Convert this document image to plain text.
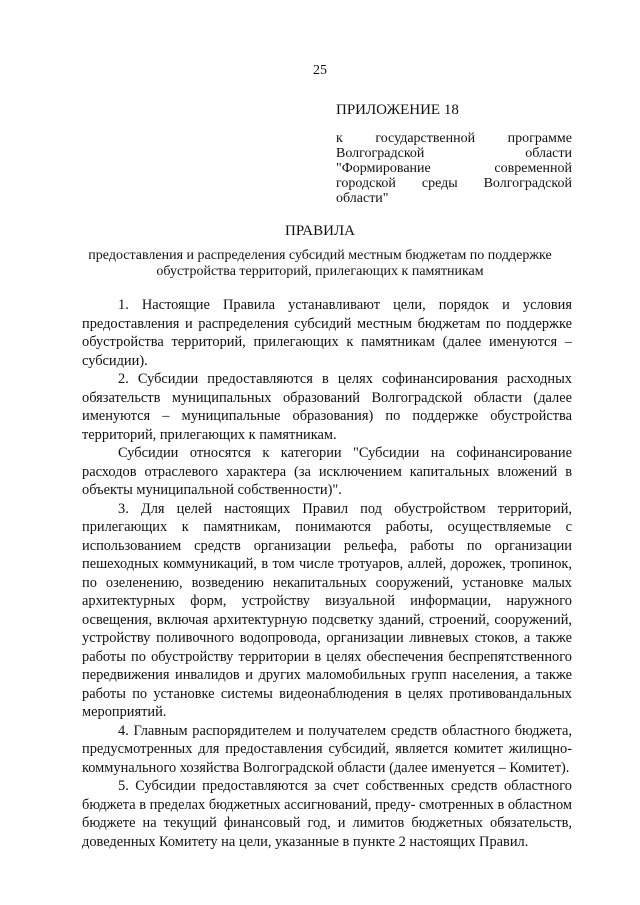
25

ПРИЛОЖЕНИЕ 18

к государственной программе Волгоградской области "Формирование современной городской среды Волгоградской области"

ПРАВИЛА

предоставления и распределения субсидий местным бюджетам по поддержке обустройства территорий, прилегающих к памятникам

1. Настоящие Правила устанавливают цели, порядок и условия предоставления и распределения субсидий местным бюджетам по поддержке обустройства территорий, прилегающих к памятникам (далее именуются – субсидии).

2. Субсидии предоставляются в целях софинансирования расходных обязательств муниципальных образований Волгоградской области (далее именуются – муниципальные образования) по поддержке обустройства территорий, прилегающих к памятникам.

Субсидии относятся к категории "Субсидии на софинансирование расходов отраслевого характера (за исключением капитальных вложений в объекты муниципальной собственности)".

3. Для целей настоящих Правил под обустройством территорий, прилегающих к памятникам, понимаются работы, осуществляемые с использованием средств организации рельефа, работы по организации пешеходных коммуникаций, в том числе тротуаров, аллей, дорожек, тропинок, по озеленению, возведению некапитальных сооружений, установке малых архитектурных форм, устройству визуальной информации, наружного освещения, включая архитектурную подсветку зданий, строений, сооружений, устройству поливочного водопровода, организации ливневых стоков, а также работы по обустройству территории в целях обеспечения беспрепятственного передвижения инвалидов и других маломобильных групп населения, а также работы по установке системы видеонаблюдения в целях противовандальных мероприятий.

4. Главным распорядителем и получателем средств областного бюджета, предусмотренных для предоставления субсидий, является комитет жилищно-коммунального хозяйства Волгоградской области (далее именуется – Комитет).

5. Субсидии предоставляются за счет собственных средств областного бюджета в пределах бюджетных ассигнований, преду- смотренных в областном бюджете на текущий финансовый год, и лимитов бюджетных обязательств, доведенных Комитету на цели, указанные в пункте 2 настоящих Правил.
